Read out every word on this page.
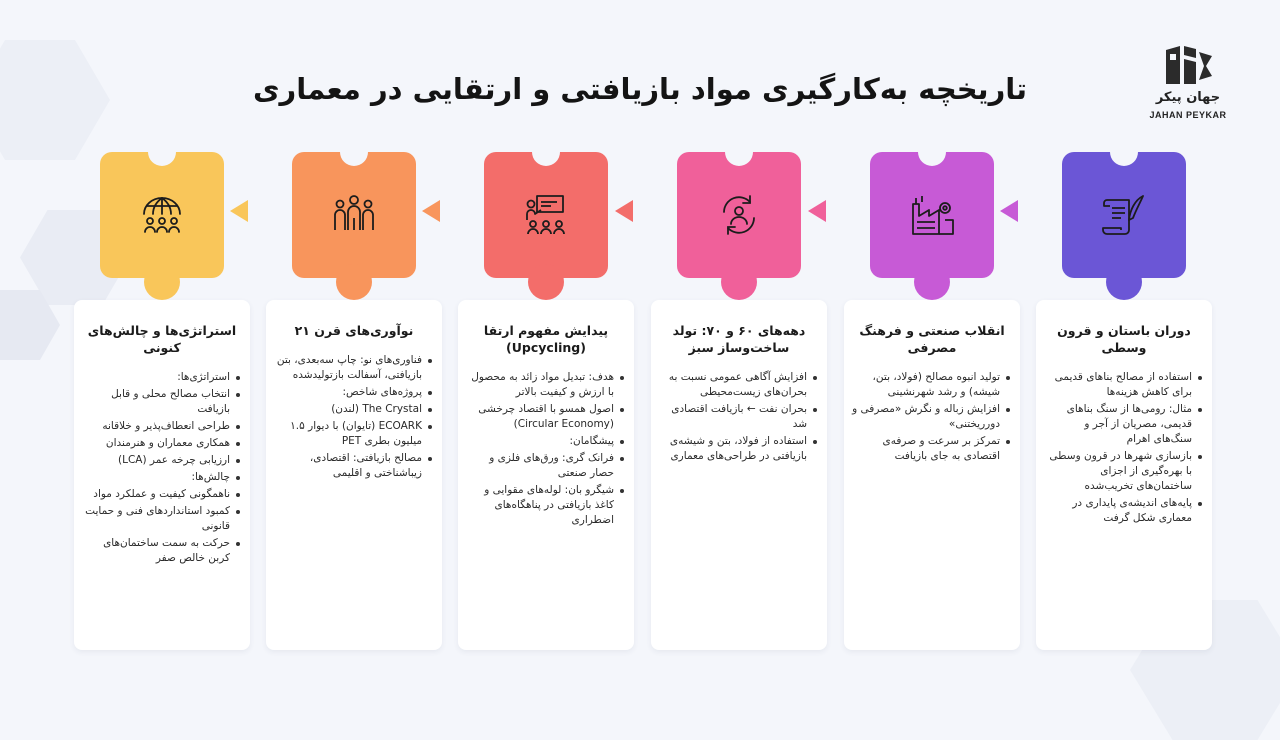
تاریخچه به‌کارگیری مواد بازیافتی و ارتقایی در معماری	جهان پیکر
JAHAN PEYKAR
دوران باستان و قرون وسطی
استفاده از مصالح بناهای قدیمی برای کاهش هزینه‌ها
مثال: رومی‌ها از سنگ بناهای قدیمی، مصریان از آجر و سنگ‌های اهرام
بازسازی شهرها در قرون وسطی با بهره‌گیری از اجزای ساختمان‌های تخریب‌شده
پایه‌های اندیشه‌ی پایداری در معماری شکل گرفت
انقلاب صنعتی و فرهنگ مصرفی
تولید انبوه مصالح (فولاد، بتن، شیشه) و رشد شهرنشینی
افزایش زباله و نگرش «مصرفی و دورریختنی»
تمرکز بر سرعت و صرفه‌ی اقتصادی به جای بازیافت
دهه‌های ۶۰ و ۷۰: تولد ساخت‌وساز سبز
افزایش آگاهی عمومی نسبت به بحران‌های زیست‌محیطی
بحران نفت ← بازیافت اقتصادی شد
استفاده از فولاد، بتن و شیشه‌ی بازیافتی در طراحی‌های معماری
پیدایش مفهوم ارتقا (Upcycling)
هدف: تبدیل مواد زائد به محصول با ارزش و کیفیت بالاتر
اصول همسو با اقتصاد چرخشی (Circular Economy)
پیشگامان:
فرانک گری: ورق‌های فلزی و حصار صنعتی
شیگرو بان: لوله‌های مقوایی و کاغذ بازیافتی در پناهگاه‌های اضطراری
نوآوری‌های قرن ۲۱
فناوری‌های نو: چاپ سه‌بعدی، بتن بازیافتی، آسفالت بازتولیدشده
پروژه‌های شاخص:
The Crystal (لندن)
ECOARK (تایوان) با دیوار ۱.۵ میلیون بطری PET
مصالح بازیافتی: اقتصادی، زیباشناختی و اقلیمی
استراتژی‌ها و چالش‌های کنونی
استراتژی‌ها:
انتخاب مصالح محلی و قابل بازیافت
طراحی انعطاف‌پذیر و خلاقانه
همکاری معماران و هنرمندان
ارزیابی چرخه عمر (LCA)
چالش‌ها:
ناهمگونی کیفیت و عملکرد مواد
کمبود استانداردهای فنی و حمایت قانونی
حرکت به سمت ساختمان‌های کربن خالص صفر
